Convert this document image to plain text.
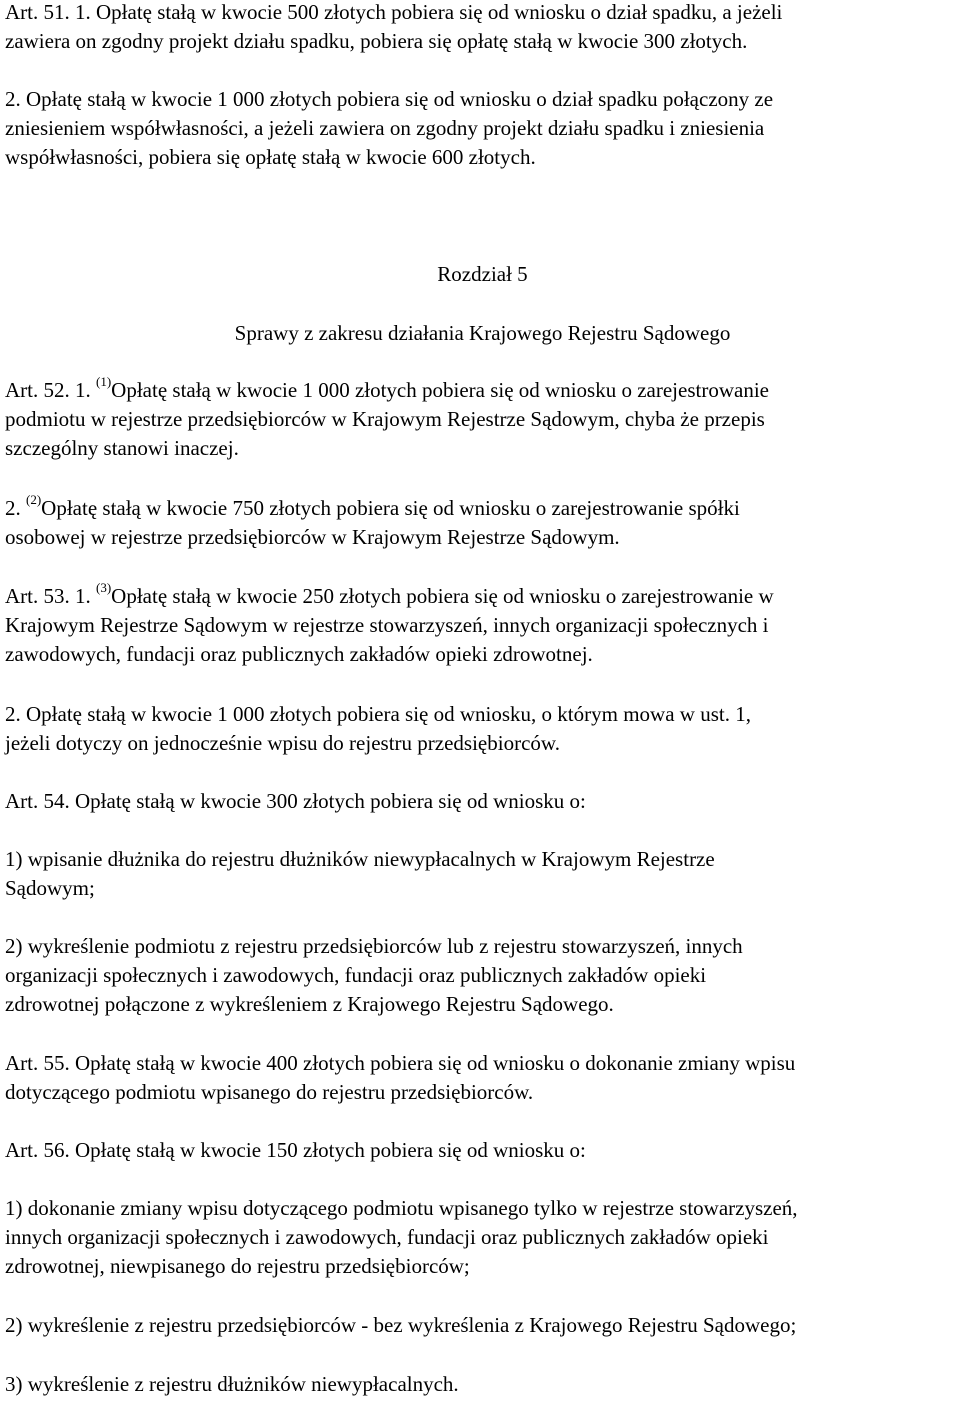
Art. 51. 1. Opłatę stałą w kwocie 500 złotych pobiera się od wniosku o dział spadku, a jeżeli
zawiera on zgodny projekt działu spadku, pobiera się opłatę stałą w kwocie 300 złotych.
2. Opłatę stałą w kwocie 1 000 złotych pobiera się od wniosku o dział spadku połączony ze
zniesieniem współwłasności, a jeżeli zawiera on zgodny projekt działu spadku i zniesienia
współwłasności, pobiera się opłatę stałą w kwocie 600 złotych.
Rozdział 5
Sprawy z zakresu działania Krajowego Rejestru Sądowego
Art. 52. 1. $^{(1)}$Opłatę stałą w kwocie 1 000 złotych pobiera się od wniosku o zarejestrowanie
podmiotu w rejestrze przedsiębiorców w Krajowym Rejestrze Sądowym, chyba że przepis
szczególny stanowi inaczej.
2. $^{(2)}$Opłatę stałą w kwocie 750 złotych pobiera się od wniosku o zarejestrowanie spółki
osobowej w rejestrze przedsiębiorców w Krajowym Rejestrze Sądowym.
Art. 53. 1. $^{(3)}$Opłatę stałą w kwocie 250 złotych pobiera się od wniosku o zarejestrowanie w
Krajowym Rejestrze Sądowym w rejestrze stowarzyszeń, innych organizacji społecznych i
zawodowych, fundacji oraz publicznych zakładów opieki zdrowotnej.
2. Opłatę stałą w kwocie 1 000 złotych pobiera się od wniosku, o którym mowa w ust. 1,
jeżeli dotyczy on jednocześnie wpisu do rejestru przedsiębiorców.
Art. 54. Opłatę stałą w kwocie 300 złotych pobiera się od wniosku o:
1) wpisanie dłużnika do rejestru dłużników niewypłacalnych w Krajowym Rejestrze
Sądowym;
2) wykreślenie podmiotu z rejestru przedsiębiorców lub z rejestru stowarzyszeń, innych
organizacji społecznych i zawodowych, fundacji oraz publicznych zakładów opieki
zdrowotnej połączone z wykreśleniem z Krajowego Rejestru Sądowego.
Art. 55. Opłatę stałą w kwocie 400 złotych pobiera się od wniosku o dokonanie zmiany wpisu
dotyczącego podmiotu wpisanego do rejestru przedsiębiorców.
Art. 56. Opłatę stałą w kwocie 150 złotych pobiera się od wniosku o:
1) dokonanie zmiany wpisu dotyczącego podmiotu wpisanego tylko w rejestrze stowarzyszeń,
innych organizacji społecznych i zawodowych, fundacji oraz publicznych zakładów opieki
zdrowotnej, niewpisanego do rejestru przedsiębiorców;
2) wykreślenie z rejestru przedsiębiorców - bez wykreślenia z Krajowego Rejestru Sądowego;
3) wykreślenie z rejestru dłużników niewypłacalnych.
